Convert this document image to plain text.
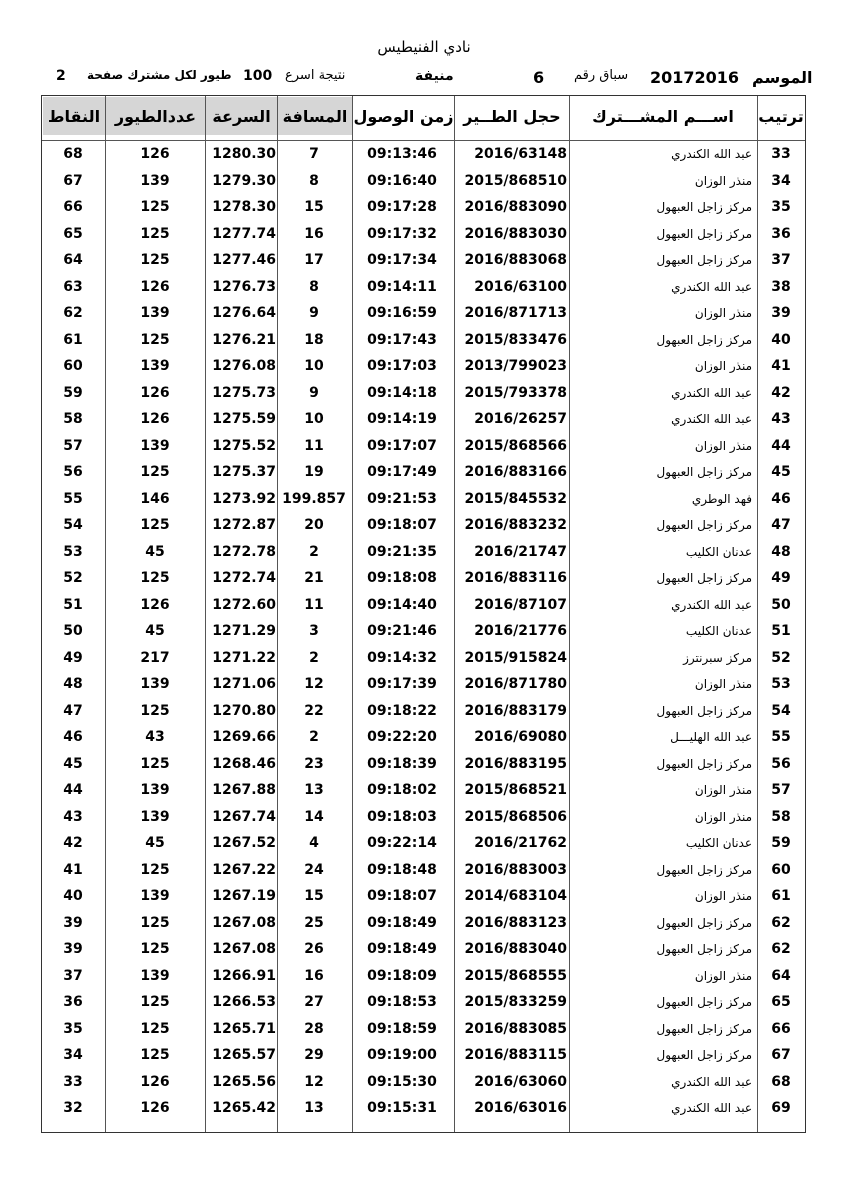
نادي الفنيطيس
الموسم
20172016
سباق رقم
6
منيفة
نتيجة اسرع
100
طيور لكل مشترك صفحة
2
ترتيب
اســـم المشـــترك
حجل الطــير
زمن الوصول
المسافة
السرعة
عددالطيور
النقاط
33
عبد الله الكندري
2016/63148
09:13:46
7
1280.30
126
68
34
منذر الوزان
2015/868510
09:16:40
8
1279.30
139
67
35
مركز زاجل العبهول
2016/883090
09:17:28
15
1278.30
125
66
36
مركز زاجل العبهول
2016/883030
09:17:32
16
1277.74
125
65
37
مركز زاجل العبهول
2016/883068
09:17:34
17
1277.46
125
64
38
عبد الله الكندري
2016/63100
09:14:11
8
1276.73
126
63
39
منذر الوزان
2016/871713
09:16:59
9
1276.64
139
62
40
مركز زاجل العبهول
2015/833476
09:17:43
18
1276.21
125
61
41
منذر الوزان
2013/799023
09:17:03
10
1276.08
139
60
42
عبد الله الكندري
2015/793378
09:14:18
9
1275.73
126
59
43
عبد الله الكندري
2016/26257
09:14:19
10
1275.59
126
58
44
منذر الوزان
2015/868566
09:17:07
11
1275.52
139
57
45
مركز زاجل العبهول
2016/883166
09:17:49
19
1275.37
125
56
46
فهد الوطري
2015/845532
09:21:53
199.857
1273.92
146
55
47
مركز زاجل العبهول
2016/883232
09:18:07
20
1272.87
125
54
48
عدنان الكليب
2016/21747
09:21:35
2
1272.78
45
53
49
مركز زاجل العبهول
2016/883116
09:18:08
21
1272.74
125
52
50
عبد الله الكندري
2016/87107
09:14:40
11
1272.60
126
51
51
عدنان الكليب
2016/21776
09:21:46
3
1271.29
45
50
52
مركز سبرنترز
2015/915824
09:14:32
2
1271.22
217
49
53
منذر الوزان
2016/871780
09:17:39
12
1271.06
139
48
54
مركز زاجل العبهول
2016/883179
09:18:22
22
1270.80
125
47
55
عبد الله الهليـــل
2016/69080
09:22:20
2
1269.66
43
46
56
مركز زاجل العبهول
2016/883195
09:18:39
23
1268.46
125
45
57
منذر الوزان
2015/868521
09:18:02
13
1267.88
139
44
58
منذر الوزان
2015/868506
09:18:03
14
1267.74
139
43
59
عدنان الكليب
2016/21762
09:22:14
4
1267.52
45
42
60
مركز زاجل العبهول
2016/883003
09:18:48
24
1267.22
125
41
61
منذر الوزان
2014/683104
09:18:07
15
1267.19
139
40
62
مركز زاجل العبهول
2016/883123
09:18:49
25
1267.08
125
39
62
مركز زاجل العبهول
2016/883040
09:18:49
26
1267.08
125
39
64
منذر الوزان
2015/868555
09:18:09
16
1266.91
139
37
65
مركز زاجل العبهول
2015/833259
09:18:53
27
1266.53
125
36
66
مركز زاجل العبهول
2016/883085
09:18:59
28
1265.71
125
35
67
مركز زاجل العبهول
2016/883115
09:19:00
29
1265.57
125
34
68
عبد الله الكندري
2016/63060
09:15:30
12
1265.56
126
33
69
عبد الله الكندري
2016/63016
09:15:31
13
1265.42
126
32
